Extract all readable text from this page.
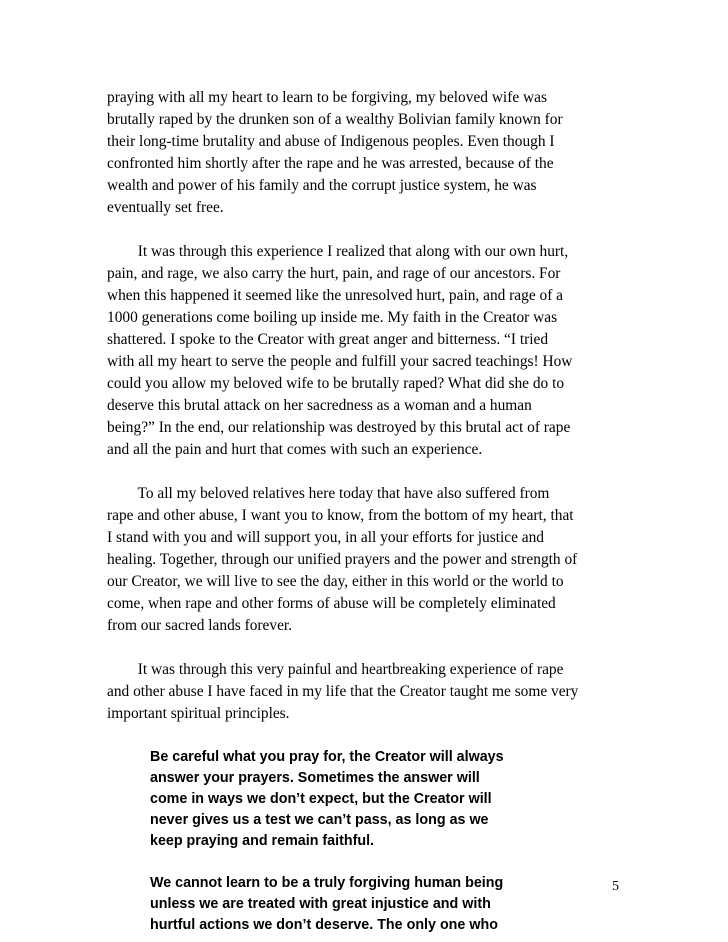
praying with all my heart to learn to be forgiving, my beloved wife was
brutally raped by the drunken son of a wealthy Bolivian family known for
their long-time brutality and abuse of Indigenous peoples. Even though I
confronted him shortly after the rape and he was arrested, because of the
wealth and power of his family and the corrupt justice system, he was
eventually set free.
It was through this experience I realized that along with our own hurt,
pain, and rage, we also carry the hurt, pain, and rage of our ancestors. For
when this happened it seemed like the unresolved hurt, pain, and rage of a
1000 generations come boiling up inside me. My faith in the Creator was
shattered. I spoke to the Creator with great anger and bitterness. “I tried
with all my heart to serve the people and fulfill your sacred teachings! How
could you allow my beloved wife to be brutally raped? What did she do to
deserve this brutal attack on her sacredness as a woman and a human
being?” In the end, our relationship was destroyed by this brutal act of rape
and all the pain and hurt that comes with such an experience.
To all my beloved relatives here today that have also suffered from
rape and other abuse, I want you to know, from the bottom of my heart, that
I stand with you and will support you, in all your efforts for justice and
healing. Together, through our unified prayers and the power and strength of
our Creator, we will live to see the day, either in this world or the world to
come, when rape and other forms of abuse will be completely eliminated
from our sacred lands forever.
It was through this very painful and heartbreaking experience of rape
and other abuse I have faced in my life that the Creator taught me some very
important spiritual principles.
Be careful what you pray for, the Creator will always
answer your prayers. Sometimes the answer will
come in ways we don’t expect, but the Creator will
never gives us a test we can’t pass, as long as we
keep praying and remain faithful.
We cannot learn to be a truly forgiving human being
unless we are treated with great injustice and with
hurtful actions we don’t deserve. The only one who
5
